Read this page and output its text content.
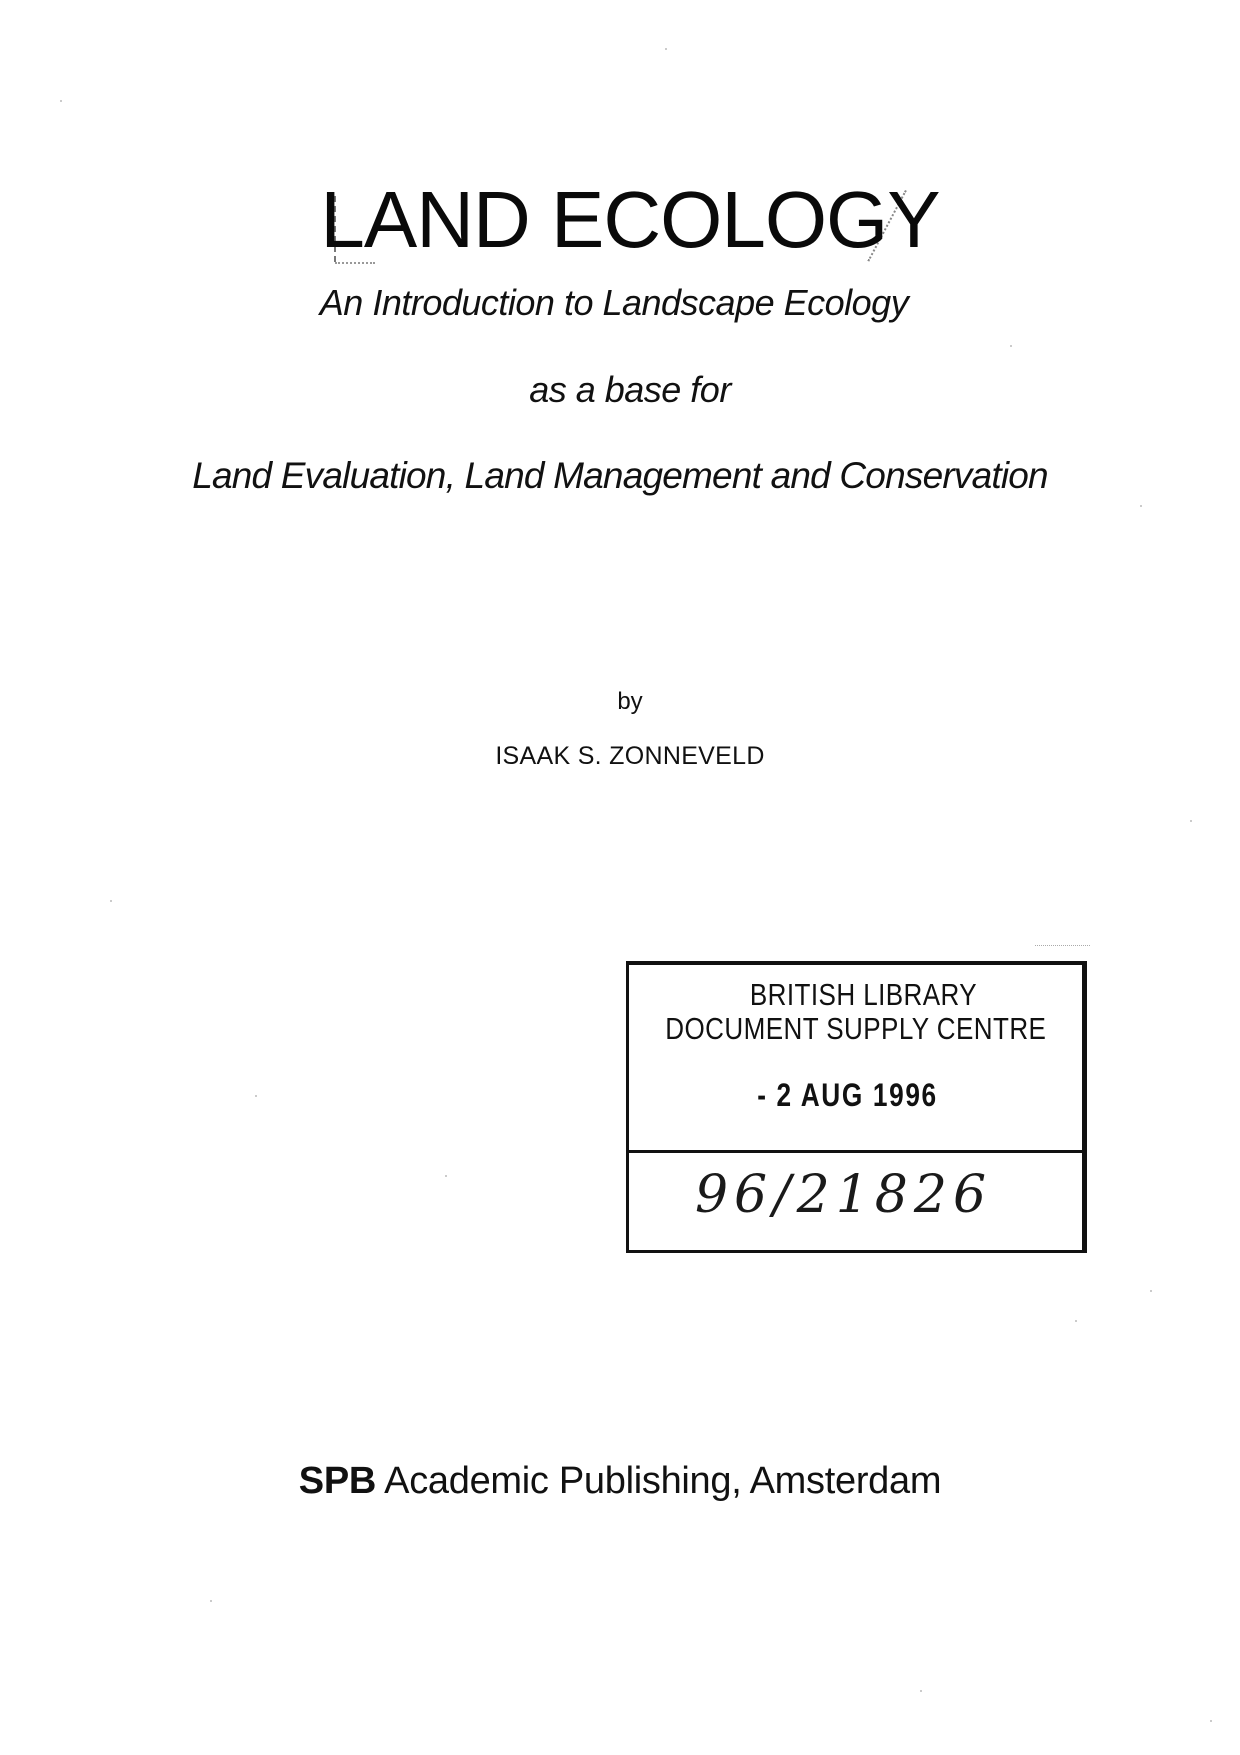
LAND ECOLOGY
An Introduction to Landscape Ecology
as a base for
Land Evaluation, Land Management and Conservation
by
ISAAK S. ZONNEVELD
BRITISH LIBRARY
DOCUMENT SUPPLY CENTRE
- 2 AUG 1996
96/21826
SPB Academic Publishing, Amsterdam
